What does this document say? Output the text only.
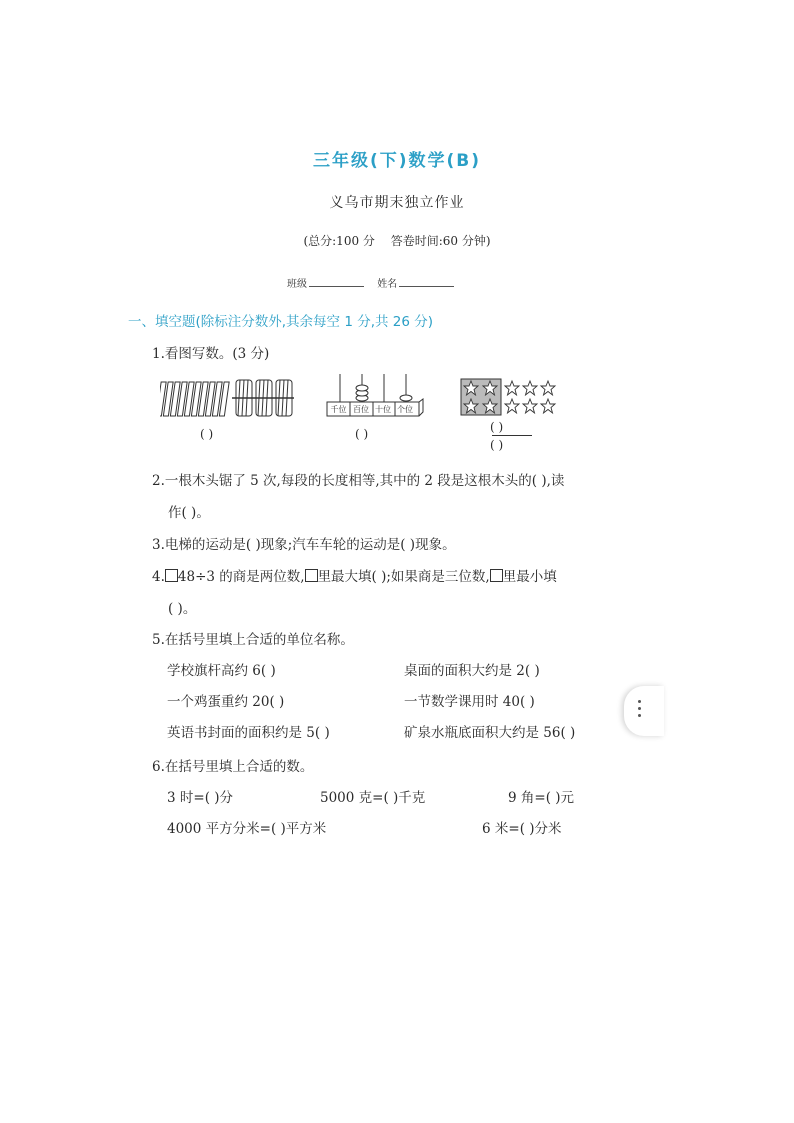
三年级(下)数学(B)
义乌市期末独立作业
(总分:100 分 答卷时间:60 分钟)
班级	姓名
一、填空题(除标注分数外,其余每空 1 分,共 26 分)
1.看图写数。(3 分)
( )
千位 百位 十位 个位
( )	( )
( )
2.一根木头锯了 5 次,每段的长度相等,其中的 2 段是这根木头的( ),读
作( )。
3.电梯的运动是( )现象;汽车车轮的运动是( )现象。
4. 48÷3 的商是两位数, 里最大填( );如果商是三位数, 里最小填
( )。
5.在括号里填上合适的单位名称。
学校旗杆高约 6( )	桌面的面积大约是 2( )
一个鸡蛋重约 20( )	一节数学课用时 40( )
英语书封面的面积约是 5( )	矿泉水瓶底面积大约是 56( )
6.在括号里填上合适的数。
3 时=( )分	5000 克=( )千克	9 角=( )元
4000 平方分米=( )平方米	6 米=( )分米
